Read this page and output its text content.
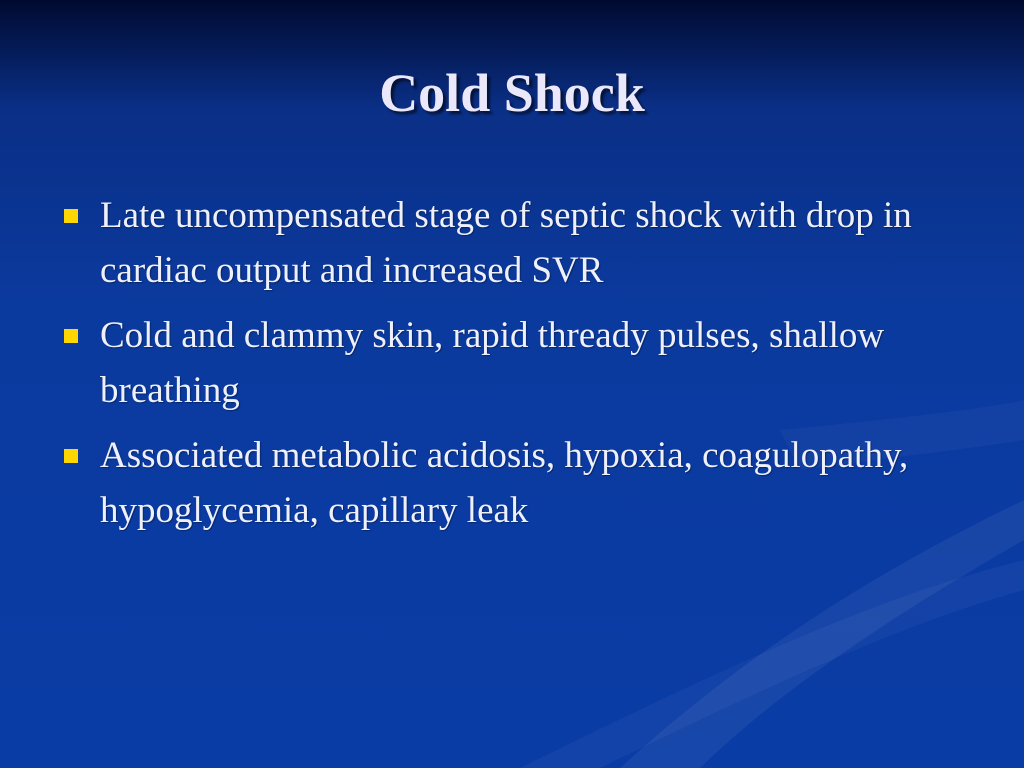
Cold Shock
Late uncompensated stage of septic shock with drop in cardiac output and increased SVR
Cold and clammy skin, rapid thready pulses, shallow breathing
Associated metabolic acidosis, hypoxia, coagulopathy, hypoglycemia, capillary leak
